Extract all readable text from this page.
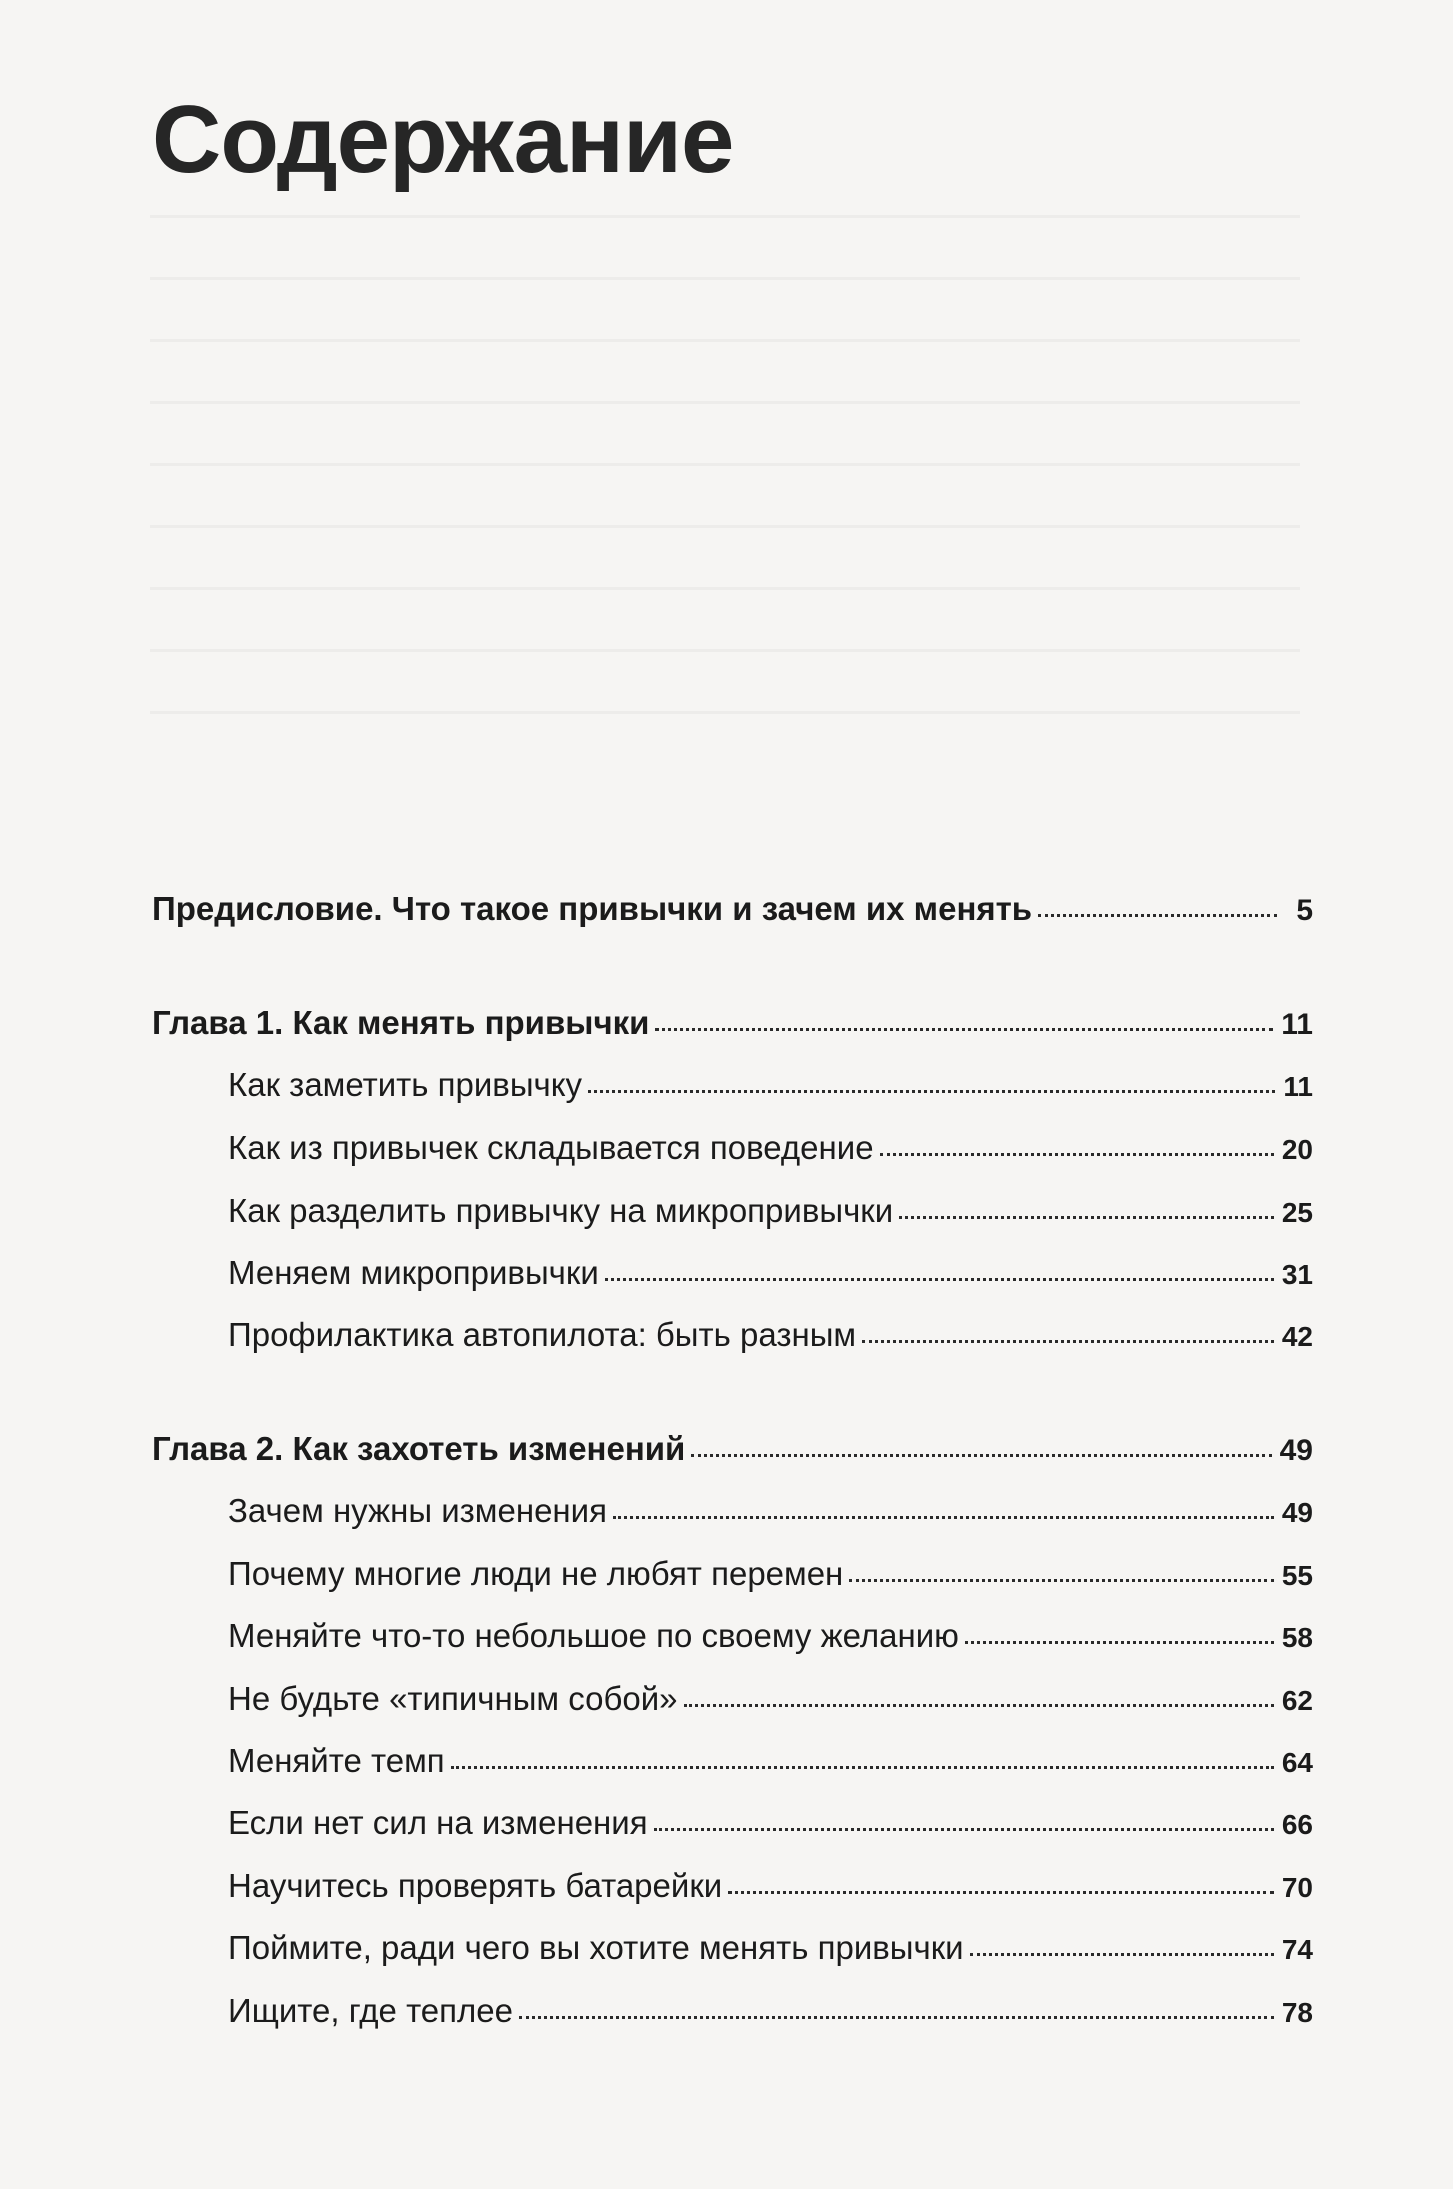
Содержание
Предисловие. Что такое привычки и зачем их менять	5
Глава 1. Как менять привычки	11
Как заметить привычку	11
Как из привычек складывается поведение	20
Как разделить привычку на микропривычки	25
Меняем микропривычки	31
Профилактика автопилота: быть разным	42
Глава 2. Как захотеть изменений	49
Зачем нужны изменения	49
Почему многие люди не любят перемен	55
Меняйте что-то небольшое по своему желанию	58
Не будьте «типичным собой»	62
Меняйте темп	64
Если нет сил на изменения	66
Научитесь проверять батарейки	70
Поймите, ради чего вы хотите менять привычки	74
Ищите, где теплее	78
